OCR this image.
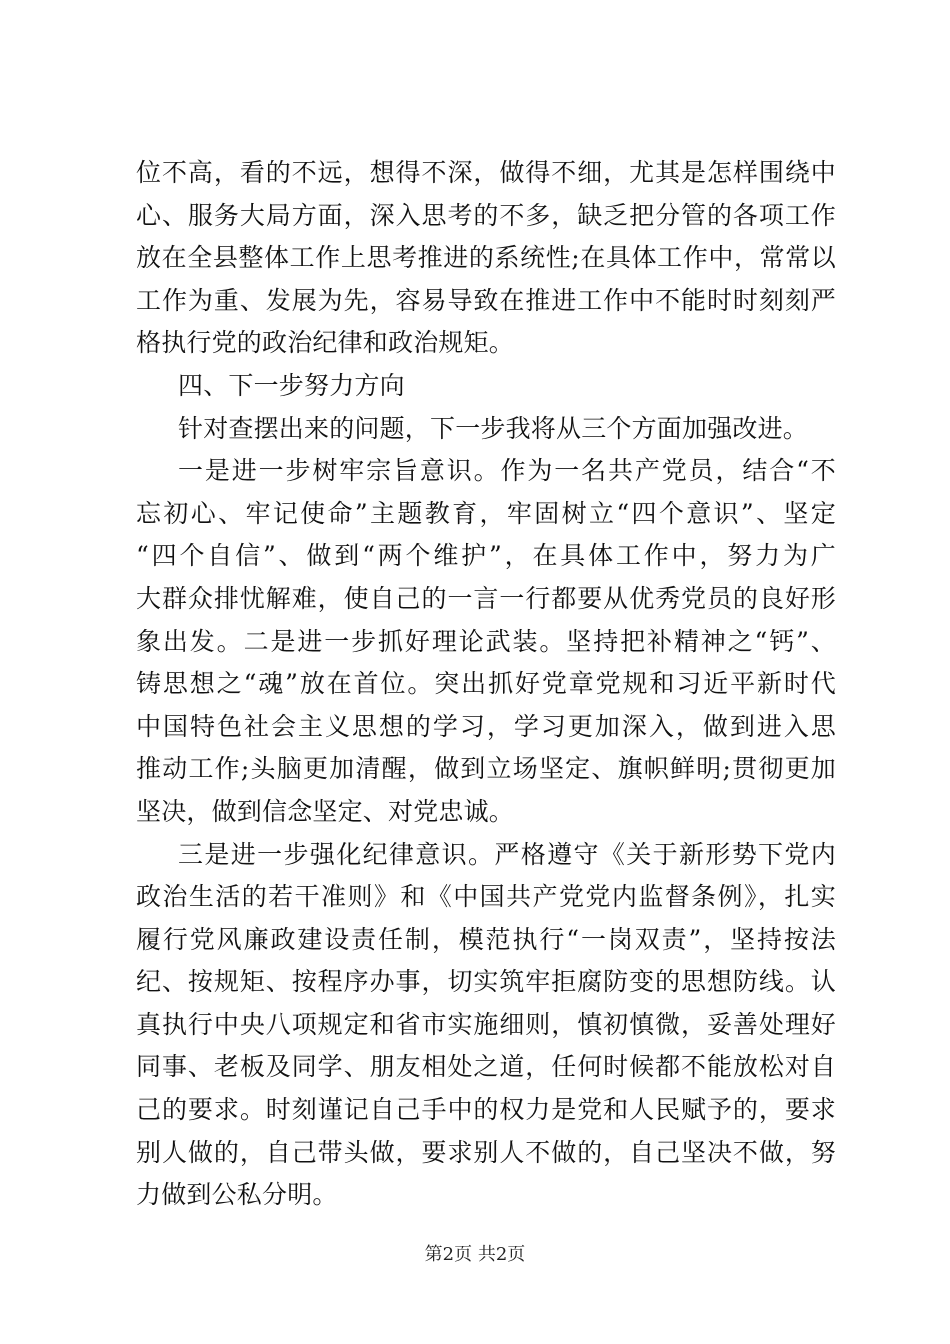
位不高，看的不远，想得不深，做得不细，尤其是怎样围绕中
心、服务大局方面，深入思考的不多，缺乏把分管的各项工作
放在全县整体工作上思考推进的系统性;在具体工作中，常常以
工作为重、发展为先，容易导致在推进工作中不能时时刻刻严
格执行党的政治纪律和政治规矩。
四、下一步努力方向
针对查摆出来的问题，下一步我将从三个方面加强改进。
一是进一步树牢宗旨意识。作为一名共产党员，结合“不
忘初心、牢记使命”主题教育，牢固树立“四个意识”、坚定
“四个自信”、做到“两个维护”，在具体工作中，努力为广
大群众排忧解难，使自己的一言一行都要从优秀党员的良好形
象出发。二是进一步抓好理论武装。坚持把补精神之“钙”、
铸思想之“魂”放在首位。突出抓好党章党规和习近平新时代
中国特色社会主义思想的学习，学习更加深入，做到进入思
推动工作;头脑更加清醒，做到立场坚定、旗帜鲜明;贯彻更加
坚决，做到信念坚定、对党忠诚。
三是进一步强化纪律意识。严格遵守《关于新形势下党内
政治生活的若干准则》和《中国共产党党内监督条例》，扎实
履行党风廉政建设责任制，模范执行“一岗双责”，坚持按法
纪、按规矩、按程序办事，切实筑牢拒腐防变的思想防线。认
真执行中央八项规定和省市实施细则，慎初慎微，妥善处理好
同事、老板及同学、朋友相处之道，任何时候都不能放松对自
己的要求。时刻谨记自己手中的权力是党和人民赋予的，要求
别人做的，自己带头做，要求别人不做的，自己坚决不做，努
力做到公私分明。
第2页 共2页
